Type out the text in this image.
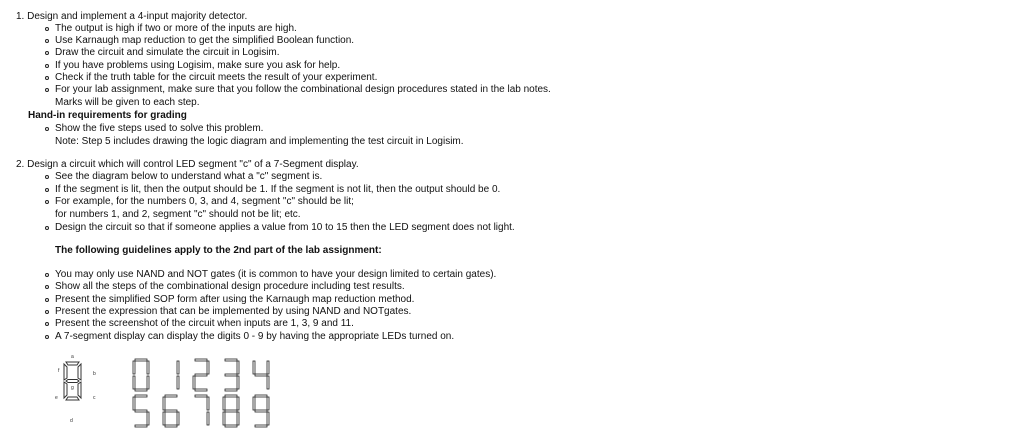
1. Design and implement a 4-input majority detector.
The output is high if two or more of the inputs are high.
Use Karnaugh map reduction to get the simplified Boolean function.
Draw the circuit and simulate the circuit in Logisim.
If you have problems using Logisim, make sure you ask for help.
Check if the truth table for the circuit meets the result of your experiment.
For your lab assignment, make sure that you follow the combinational design procedures stated in the lab notes.
Marks will be given to each step.
Hand-in requirements for grading
Show the five steps used to solve this problem.
Note: Step 5 includes drawing the logic diagram and implementing the test circuit in Logisim.
2. Design a circuit which will control LED segment "c" of a 7-Segment display.
See the diagram below to understand what a "c" segment is.
If the segment is lit, then the output should be 1. If the segment is not lit, then the output should be 0.
For example, for the numbers 0, 3, and 4, segment "c" should be lit;
for numbers 1, and 2, segment "c" should not be lit; etc.
Design the circuit so that if someone applies a value from 10 to 15 then the LED segment does not light.
The following guidelines apply to the 2nd part of the lab assignment:
You may only use NAND and NOT gates (it is common to have your design limited to certain gates).
Show all the steps of the combinational design procedure including test results.
Present the simplified SOP form after using the Karnaugh map reduction method.
Present the expression that can be implemented by using NAND and NOTgates.
Present the screenshot of the circuit when inputs are 1, 3, 9 and 11.
A 7-segment display can display the digits 0 - 9 by having the appropriate LEDs turned on.
a
b
c
d
e
f
g
